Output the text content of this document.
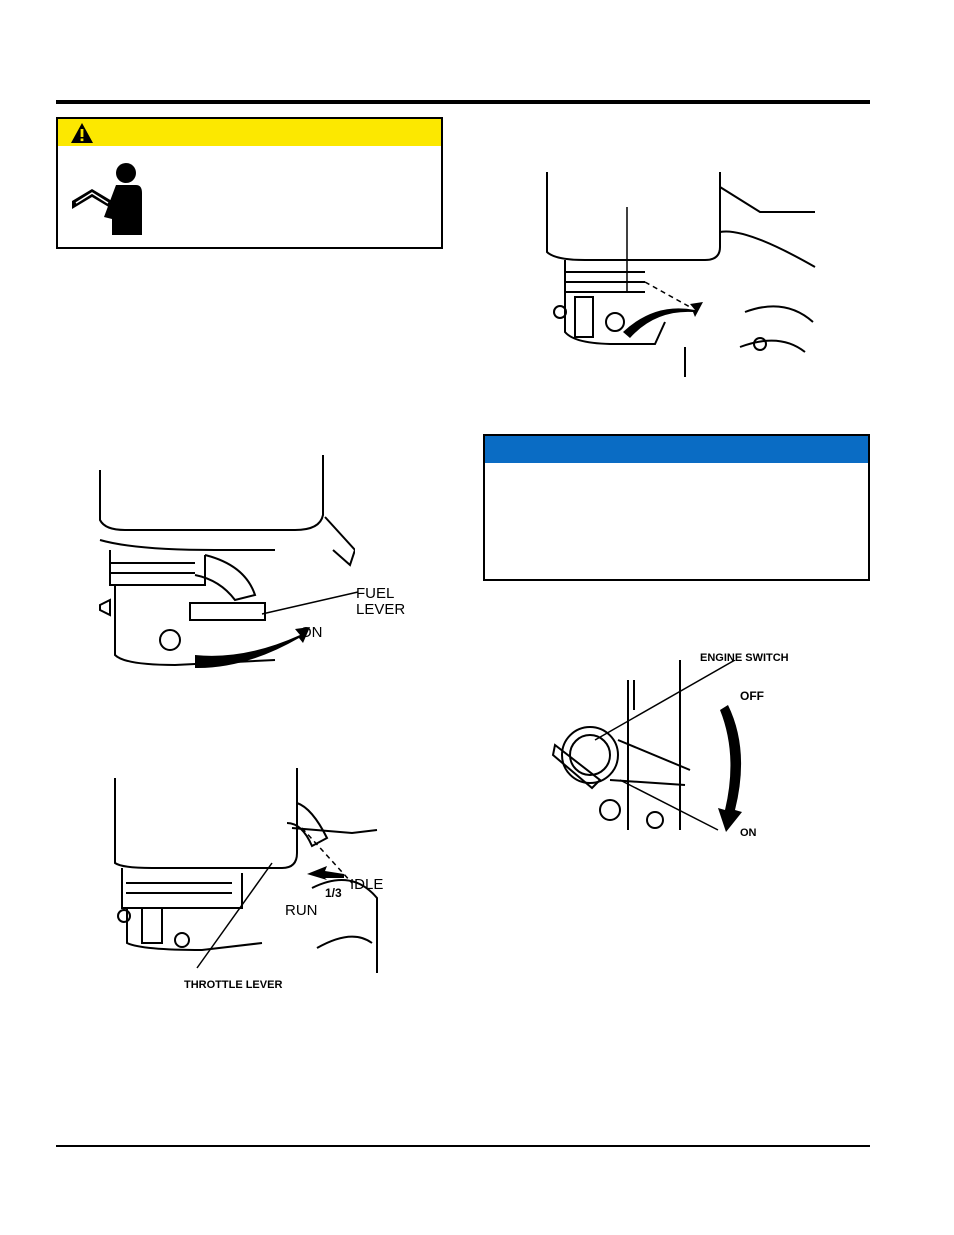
FUEL
LEVER
ON
IDLE
1/3
RUN
THROTTLE LEVER
ENGINE SWITCH
OFF
ON
